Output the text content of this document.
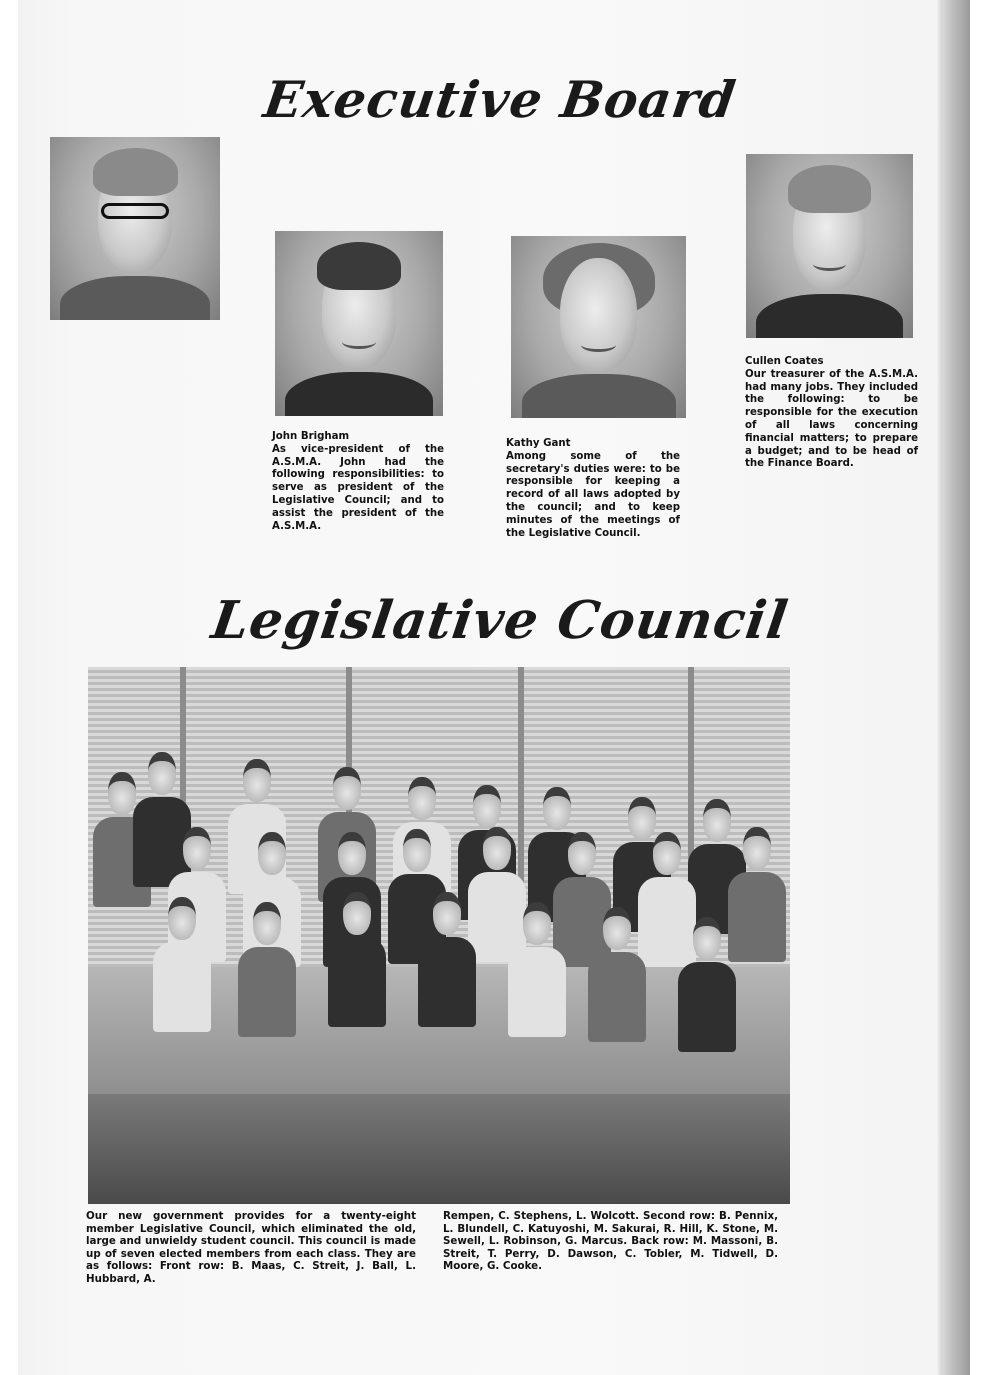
Executive Board
John Brigham
As vice-president of the A.S.M.A. John had the following responsibilities: to serve as president of the Legislative Council; and to assist the president of the A.S.M.A.
Kathy Gant
Among some of the secretary's duties were: to be responsible for keeping a record of all laws adopted by the council; and to keep minutes of the meetings of the Legislative Council.
Cullen Coates
Our treasurer of the A.S.M.A. had many jobs. They included the following: to be responsible for the execution of all laws concerning financial matters; to prepare a budget; and to be head of the Finance Board.
Legislative Council
Our new government provides for a twenty-eight member Legislative Council, which eliminated the old, large and unwieldy student council. This council is made up of seven elected members from each class. They are as follows: Front row: B. Maas, C. Streit, J. Ball, L. Hubbard, A.
Rempen, C. Stephens, L. Wolcott. Second row: B. Pennix, L. Blundell, C. Katuyoshi, M. Sakurai, R. Hill, K. Stone, M. Sewell, L. Robinson, G. Marcus. Back row: M. Massoni, B. Streit, T. Perry, D. Dawson, C. Tobler, M. Tidwell, D. Moore, G. Cooke.
